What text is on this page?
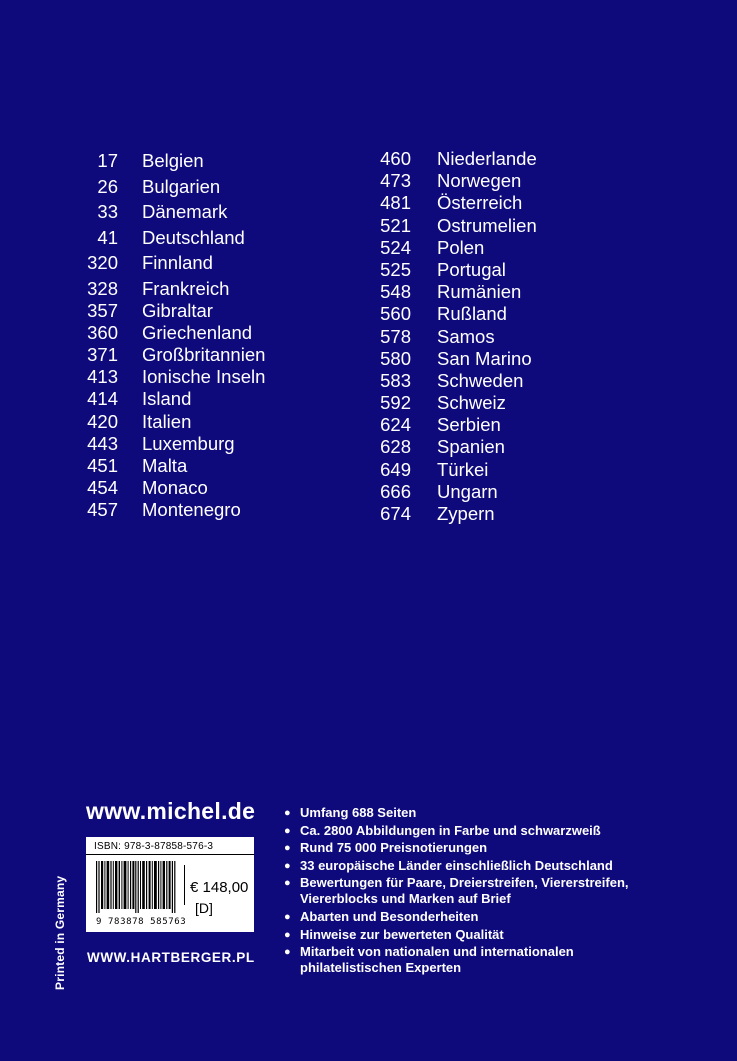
17 Belgien
26 Bulgarien
33 Dänemark
41 Deutschland
320 Finnland
328 Frankreich
357 Gibraltar
360 Griechenland
371 Großbritannien
413 Ionische Inseln
414 Island
420 Italien
443 Luxemburg
451 Malta
454 Monaco
457 Montenegro
460 Niederlande
473 Norwegen
481 Österreich
521 Ostrumelien
524 Polen
525 Portugal
548 Rumänien
560 Rußland
578 Samos
580 San Marino
583 Schweden
592 Schweiz
624 Serbien
628 Spanien
649 Türkei
666 Ungarn
674 Zypern
www.michel.de
ISBN: 978-3-87858-576-3
9 783878 585763
€ 148,00
[D]
WWW.HARTBERGER.PL
Printed in Germany
● Umfang 688 Seiten
● Ca. 2800 Abbildungen in Farbe und schwarzweiß
● Rund 75 000 Preisnotierungen
● 33 europäische Länder einschließlich Deutschland
● Bewertungen für Paare, Dreierstreifen, Viererstreifen, Viererblocks und Marken auf Brief
● Abarten und Besonderheiten
● Hinweise zur bewerteten Qualität
● Mitarbeit von nationalen und internationalen philatelistischen Experten
